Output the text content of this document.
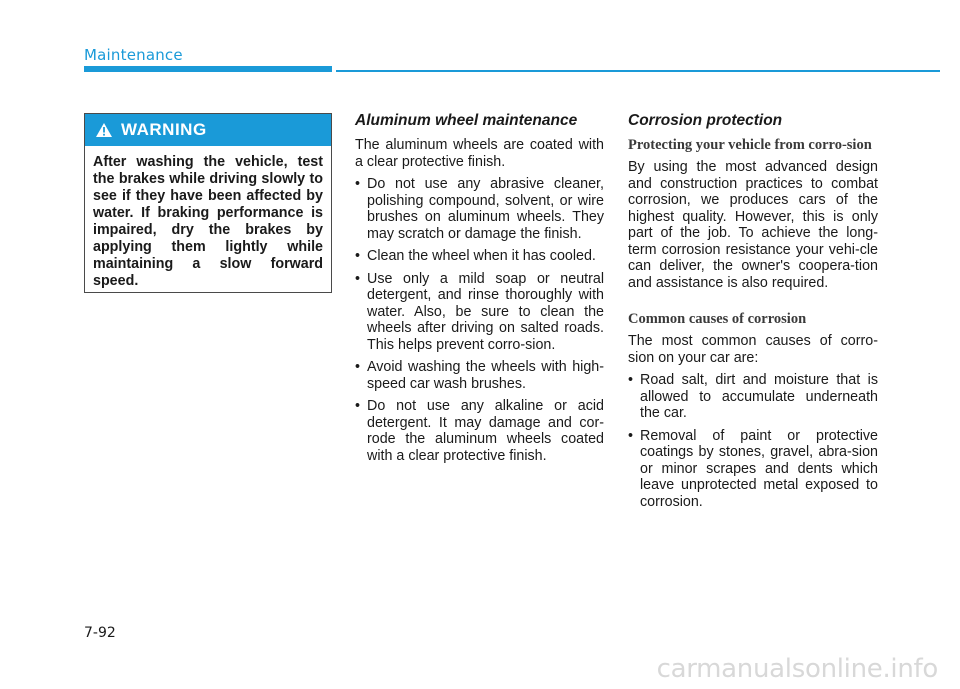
Maintenance
WARNING
After washing the vehicle, test the brakes while driving slowly to see if they have been affected by water. If braking performance is impaired, dry the brakes by applying them lightly while maintaining a slow forward speed.
Aluminum wheel maintenance

The aluminum wheels are coated with a clear protective finish.

• Do not use any abrasive cleaner, polishing compound, solvent, or wire brushes on aluminum wheels. They may scratch or damage the finish.
• Clean the wheel when it has cooled.
• Use only a mild soap or neutral detergent, and rinse thoroughly with water. Also, be sure to clean the wheels after driving on salted roads. This helps prevent corro-sion.
• Avoid washing the wheels with high-speed car wash brushes.
• Do not use any alkaline or acid detergent. It may damage and cor-rode the aluminum wheels coated with a clear protective finish.
Corrosion protection
Protecting your vehicle from corro-sion

By using the most advanced design and construction practices to combat corrosion, we produces cars of the highest quality. However, this is only part of the job. To achieve the long-term corrosion resistance your vehi-cle can deliver, the owner's coopera-tion and assistance is also required.

Common causes of corrosion

The most common causes of corro-sion on your car are:

• Road salt, dirt and moisture that is allowed to accumulate underneath the car.
• Removal of paint or protective coatings by stones, gravel, abra-sion or minor scrapes and dents which leave unprotected metal exposed to corrosion.
7-92
carmanualsonline.info
